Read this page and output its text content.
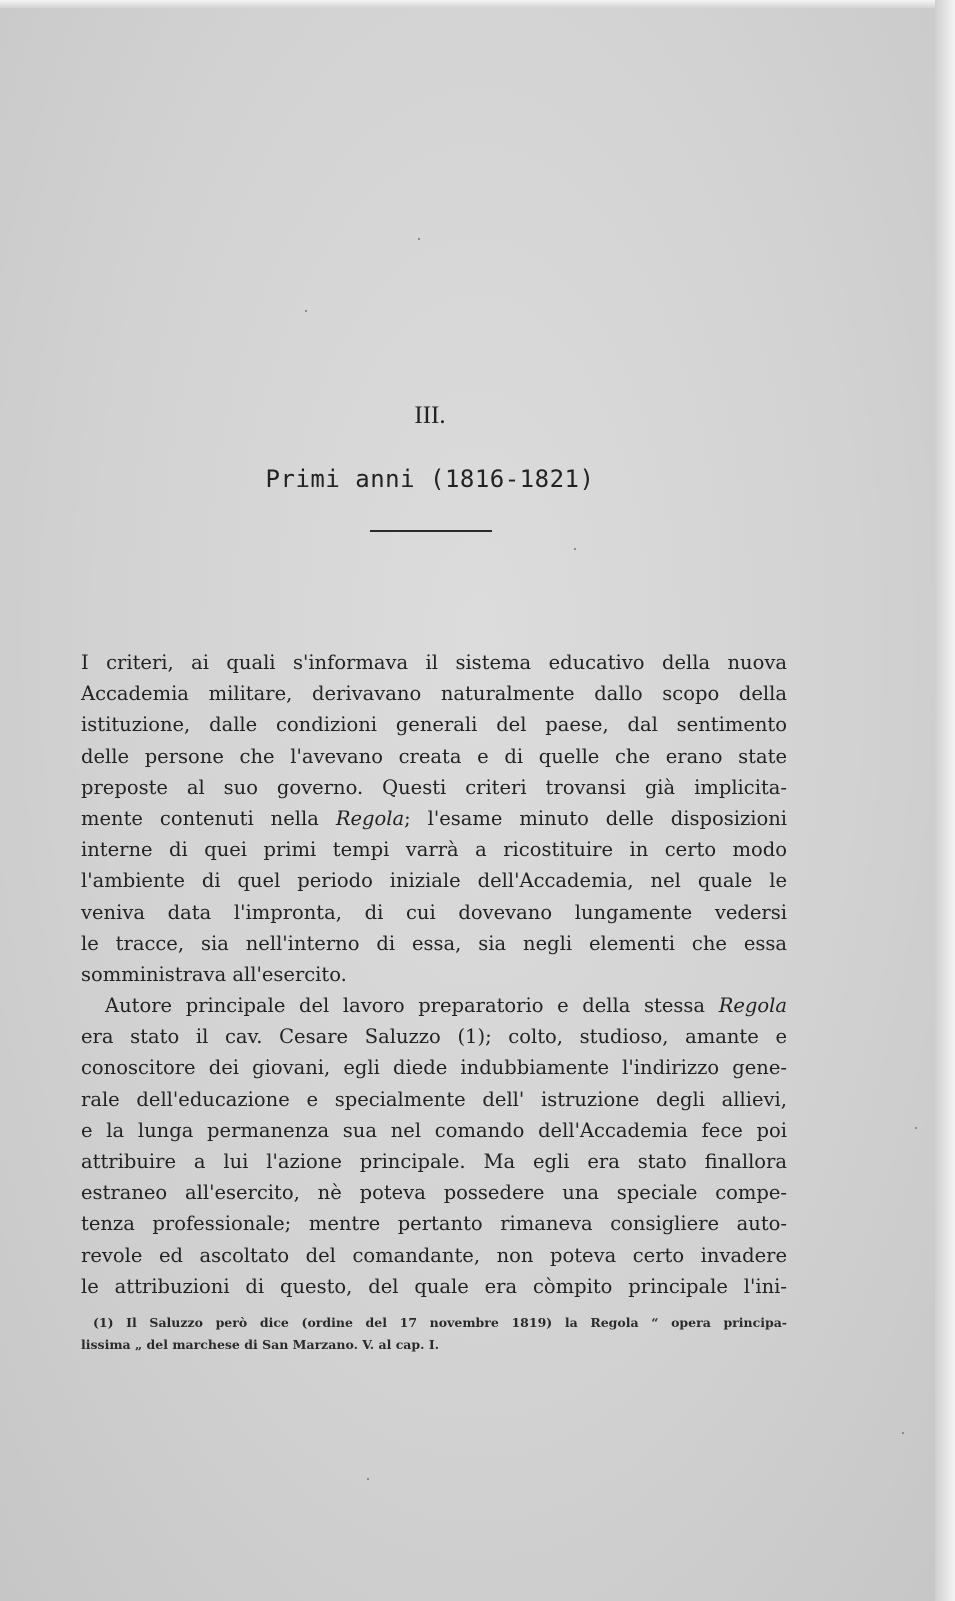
III.
Primi anni (1816-1821)
I criteri, ai quali s'informava il sistema educativo della nuova
Accademia militare, derivavano naturalmente dallo scopo della
istituzione, dalle condizioni generali del paese, dal sentimento
delle persone che l'avevano creata e di quelle che erano state
preposte al suo governo. Questi criteri trovansi già implicita-
mente contenuti nella Regola; l'esame minuto delle disposizioni
interne di quei primi tempi varrà a ricostituire in certo modo
l'ambiente di quel periodo iniziale dell'Accademia, nel quale le
veniva data l'impronta, di cui dovevano lungamente vedersi
le tracce, sia nell'interno di essa, sia negli elementi che essa
somministrava all'esercito.
Autore principale del lavoro preparatorio e della stessa Regola
era stato il cav. Cesare Saluzzo (1); colto, studioso, amante e
conoscitore dei giovani, egli diede indubbiamente l'indirizzo gene-
rale dell'educazione e specialmente dell' istruzione degli allievi,
e la lunga permanenza sua nel comando dell'Accademia fece poi
attribuire a lui l'azione principale. Ma egli era stato finallora
estraneo all'esercito, nè poteva possedere una speciale compe-
tenza professionale; mentre pertanto rimaneva consigliere auto-
revole ed ascoltato del comandante, non poteva certo invadere
le attribuzioni di questo, del quale era còmpito principale l'ini-
(1) Il Saluzzo però dice (ordine del 17 novembre 1819) la Regola “ opera principa-
lissima „ del marchese di San Marzano. V. al cap. I.
